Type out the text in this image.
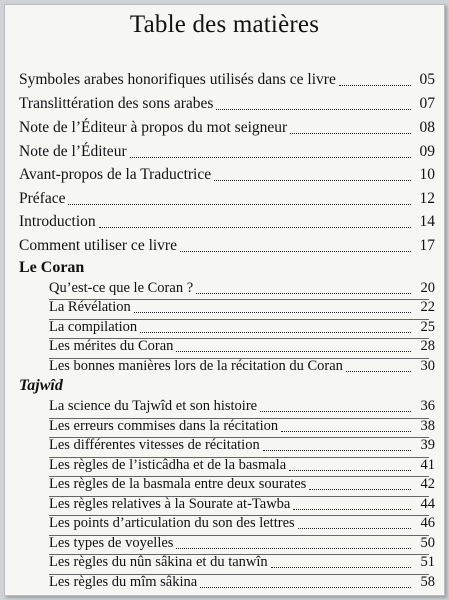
Table des matières
Symboles arabes honorifiques utilisés dans ce livre	05
Translittération des sons arabes	07
Note de l’Éditeur à propos du mot seigneur	08
Note de l’Éditeur	09
Avant-propos de la Traductrice	10
Préface	12
Introduction	14
Comment utiliser ce livre	17
Le Coran
Qu’est-ce que le Coran ?	20
La Révélation	22
La compilation	25
Les mérites du Coran	28
Les bonnes manières lors de la récitation du Coran	30
Tajwîd
La science du Tajwîd et son histoire	36
Les erreurs commises dans la récitation	38
Les différentes vitesses de récitation	39
Les règles de l’isticâdha et de la basmala	41
Les règles de la basmala entre deux sourates	42
Les règles relatives à la Sourate at-Tawba	44
Les points d’articulation du son des lettres	46
Les types de voyelles	50
Les règles du nûn sâkina et du tanwîn	51
Les règles du mîm sâkina	58
